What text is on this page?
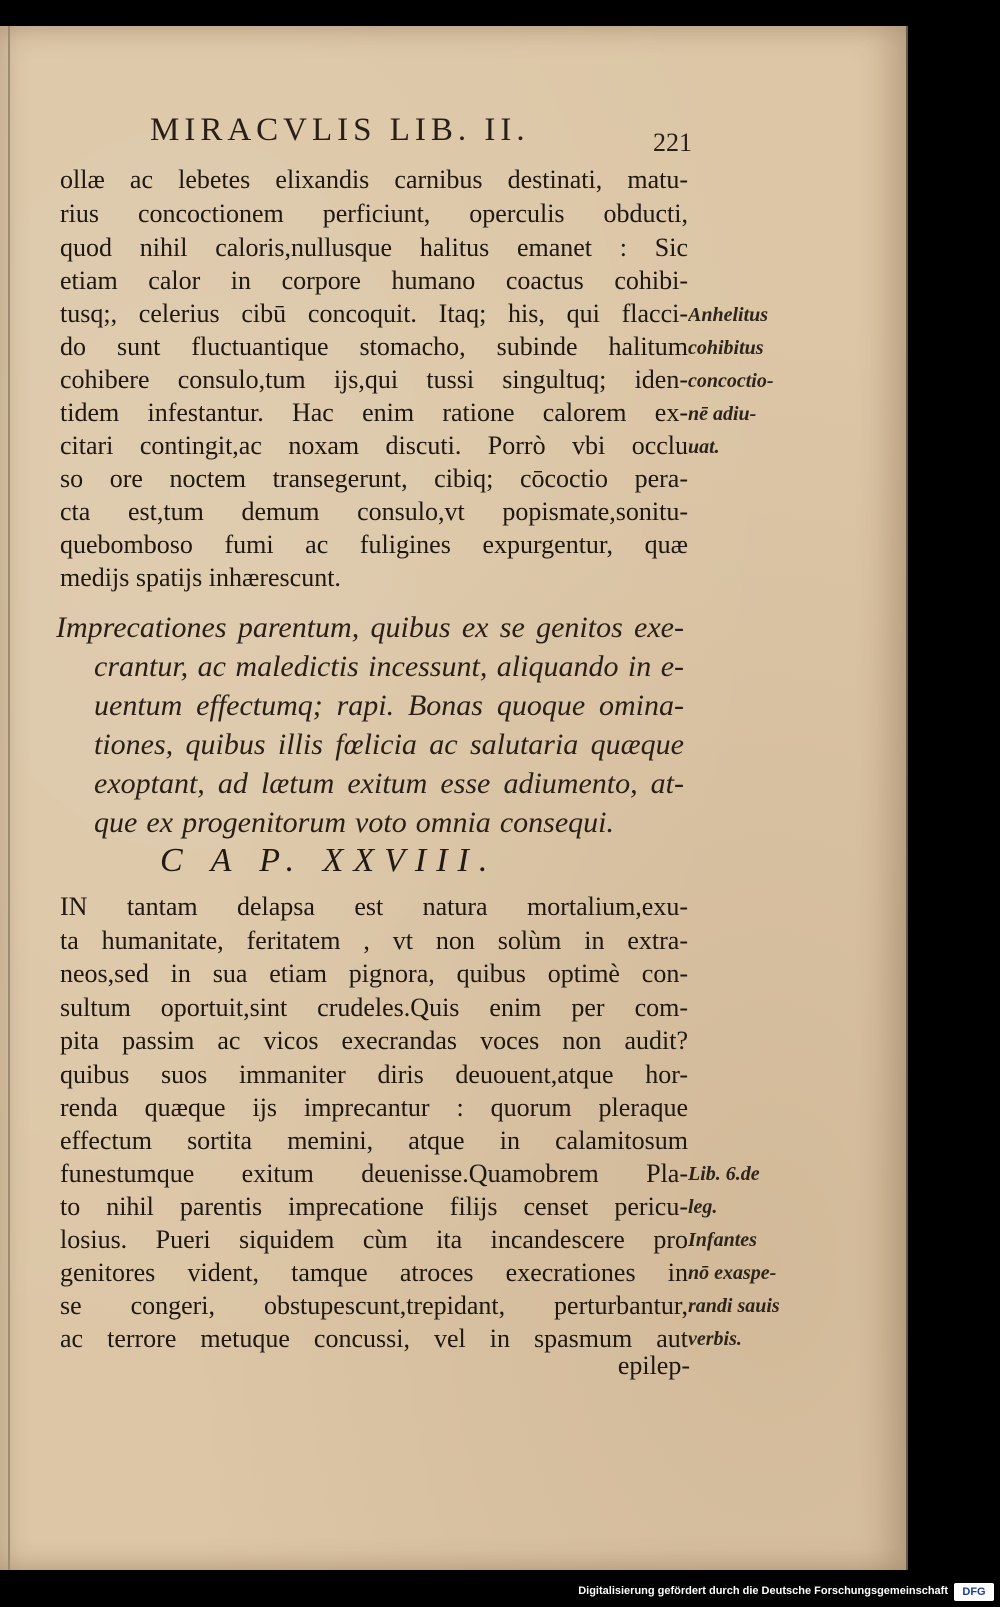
MIRACVLIS LIB. II.	221
ollæ ac lebetes elixandis carnibus destinati, matu-
rius concoctionem perficiunt, operculis obducti,
quod nihil caloris,nullusque halitus emanet : Sic
etiam calor in corpore humano coactus cohibi-
tusq;, celerius cibū concoquit. Itaq; his, qui flacci-
do sunt fluctuantique stomacho, subinde halitum
cohibere consulo,tum ijs,qui tussi singultuq; iden-
tidem infestantur. Hac enim ratione calorem ex-
citari contingit,ac noxam discuti. Porrò vbi occlu
so ore noctem transegerunt, cibiq; cōcoctio pera-
cta est,tum demum consulo,vt popismate,sonitu-
quebomboso fumi ac fuligines expurgentur, quæ
medijs spatijs inhærescunt.
Anhelitus
cohibitus
concoctio-
nē adiu-
uat.
Imprecationes parentum, quibus ex se genitos exe-
crantur, ac maledictis incessunt, aliquando in e-
uentum effectumq; rapi. Bonas quoque omina-
tiones, quibus illis fœlicia ac salutaria quæque
exoptant, ad lætum exitum esse adiumento, at-
que ex progenitorum voto omnia consequi.
C A P. XXVIII.
IN tantam delapsa est natura mortalium,exu-
ta humanitate, feritatem , vt non solùm in extra-
neos,sed in sua etiam pignora, quibus optimè con-
sultum oportuit,sint crudeles.Quis enim per com-
pita passim ac vicos execrandas voces non audit?
quibus suos immaniter diris deuouent,atque hor-
renda quæque ijs imprecantur : quorum pleraque
effectum sortita memini, atque in calamitosum
funestumque exitum deuenisse.Quamobrem Pla-
to nihil parentis imprecatione filijs censet pericu-
losius. Pueri siquidem cùm ita incandescere pro
genitores vident, tamque atroces execrationes in
se congeri, obstupescunt,trepidant, perturbantur,
ac terrore metuque concussi, vel in spasmum aut
Lib. 6.de
leg.
Infantes
nō exaspe-
randi sauis
verbis.
epilep-
Digitalisierung gefördert durch die Deutsche Forschungsgemeinschaft	DFG
